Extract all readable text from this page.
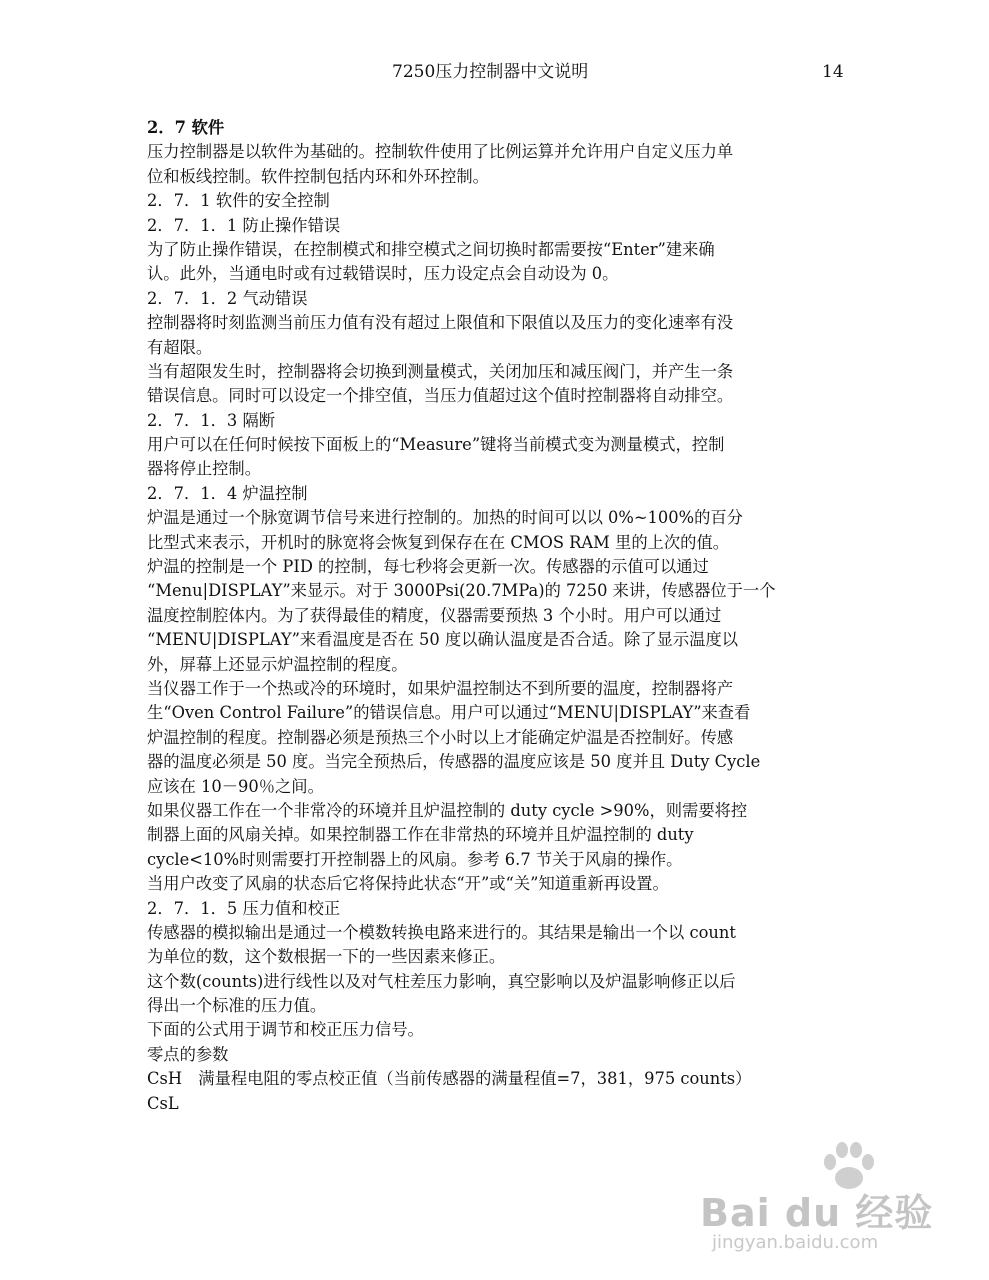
7250压力控制器中文说明	14
2．7 软件
压力控制器是以软件为基础的。控制软件使用了比例运算并允许用户自定义压力单
位和板线控制。软件控制包括内环和外环控制。
2．7．1 软件的安全控制
2．7．1．1 防止操作错误
为了防止操作错误，在控制模式和排空模式之间切换时都需要按“Enter”建来确
认。此外，当通电时或有过载错误时，压力设定点会自动设为 0。
2．7．1．2 气动错误
控制器将时刻监测当前压力值有没有超过上限值和下限值以及压力的变化速率有没
有超限。
当有超限发生时，控制器将会切换到测量模式，关闭加压和减压阀门，并产生一条
错误信息。同时可以设定一个排空值，当压力值超过这个值时控制器将自动排空。
2．7．1．3 隔断
用户可以在任何时候按下面板上的“Measure”键将当前模式变为测量模式，控制
器将停止控制。
2．7．1．4 炉温控制
炉温是通过一个脉宽调节信号来进行控制的。加热的时间可以以 0%~100%的百分
比型式来表示，开机时的脉宽将会恢复到保存在在 CMOS RAM 里的上次的值。
炉温的控制是一个 PID 的控制，每七秒将会更新一次。传感器的示值可以通过
“Menu|DISPLAY”来显示。对于 3000Psi(20.7MPa)的 7250 来讲，传感器位于一个
温度控制腔体内。为了获得最佳的精度，仪器需要预热 3 个小时。用户可以通过
“MENU|DISPLAY”来看温度是否在 50 度以确认温度是否合适。除了显示温度以
外，屏幕上还显示炉温控制的程度。
当仪器工作于一个热或冷的环境时，如果炉温控制达不到所要的温度，控制器将产
生“Oven Control Failure”的错误信息。用户可以通过“MENU|DISPLAY”来查看
炉温控制的程度。控制器必须是预热三个小时以上才能确定炉温是否控制好。传感
器的温度必须是 50 度。当完全预热后，传感器的温度应该是 50 度并且 Duty Cycle
应该在 10－90％之间。
如果仪器工作在一个非常冷的环境并且炉温控制的 duty cycle >90%，则需要将控
制器上面的风扇关掉。如果控制器工作在非常热的环境并且炉温控制的 duty
cycle<10%时则需要打开控制器上的风扇。参考 6.7 节关于风扇的操作。
当用户改变了风扇的状态后它将保持此状态“开”或“关”知道重新再设置。
2．7．1．5 压力值和校正
传感器的模拟输出是通过一个模数转换电路来进行的。其结果是输出一个以 count
为单位的数，这个数根据一下的一些因素来修正。
这个数(counts)进行线性以及对气柱差压力影响，真空影响以及炉温影响修正以后
得出一个标准的压力值。
下面的公式用于调节和校正压力信号。
零点的参数
CsH　满量程电阻的零点校正值（当前传感器的满量程值=7，381，975 counts）
CsL
Bai du 经验
jingyan.baidu.com
